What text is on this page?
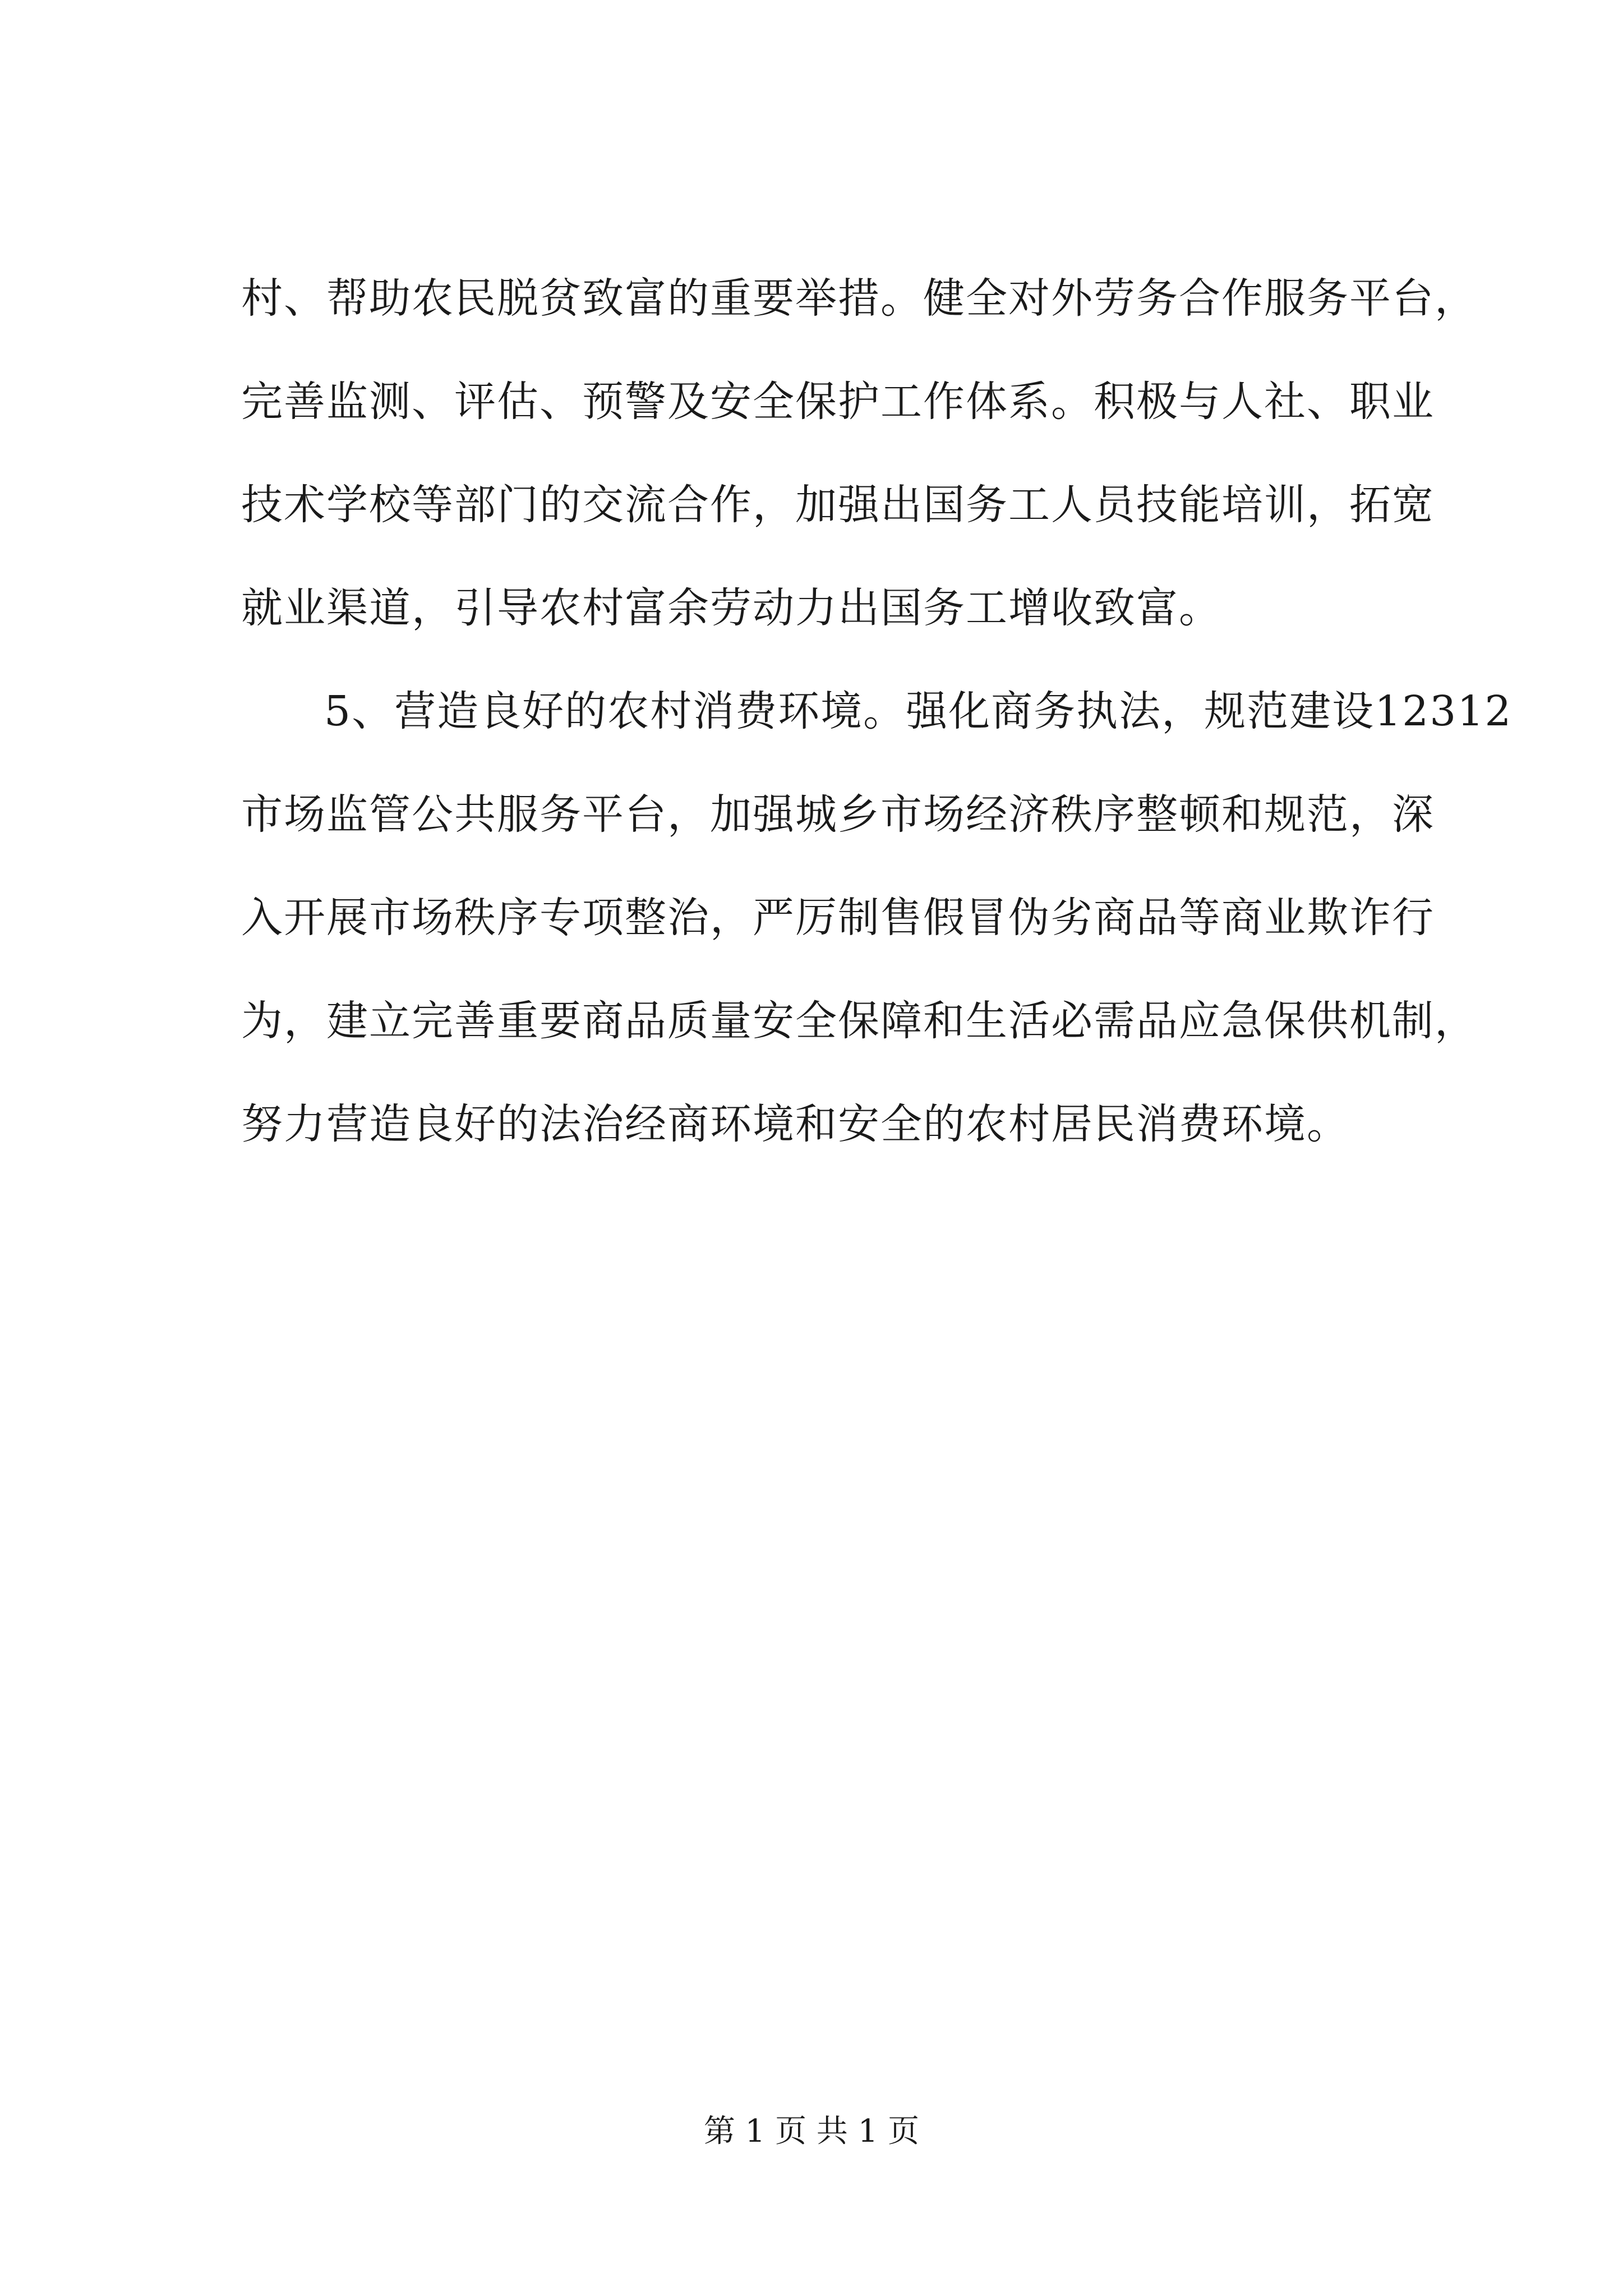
村、帮助农民脱贫致富的重要举措。健全对外劳务合作服务平台，
完善监测、评估、预警及安全保护工作体系。积极与人社、职业
技术学校等部门的交流合作，加强出国务工人员技能培训，拓宽
就业渠道，引导农村富余劳动力出国务工增收致富。
5、营造良好的农村消费环境。强化商务执法，规范建设12312
市场监管公共服务平台，加强城乡市场经济秩序整顿和规范，深
入开展市场秩序专项整治，严厉制售假冒伪劣商品等商业欺诈行
为，建立完善重要商品质量安全保障和生活必需品应急保供机制，
努力营造良好的法治经商环境和安全的农村居民消费环境。
第 1 页 共 1 页
